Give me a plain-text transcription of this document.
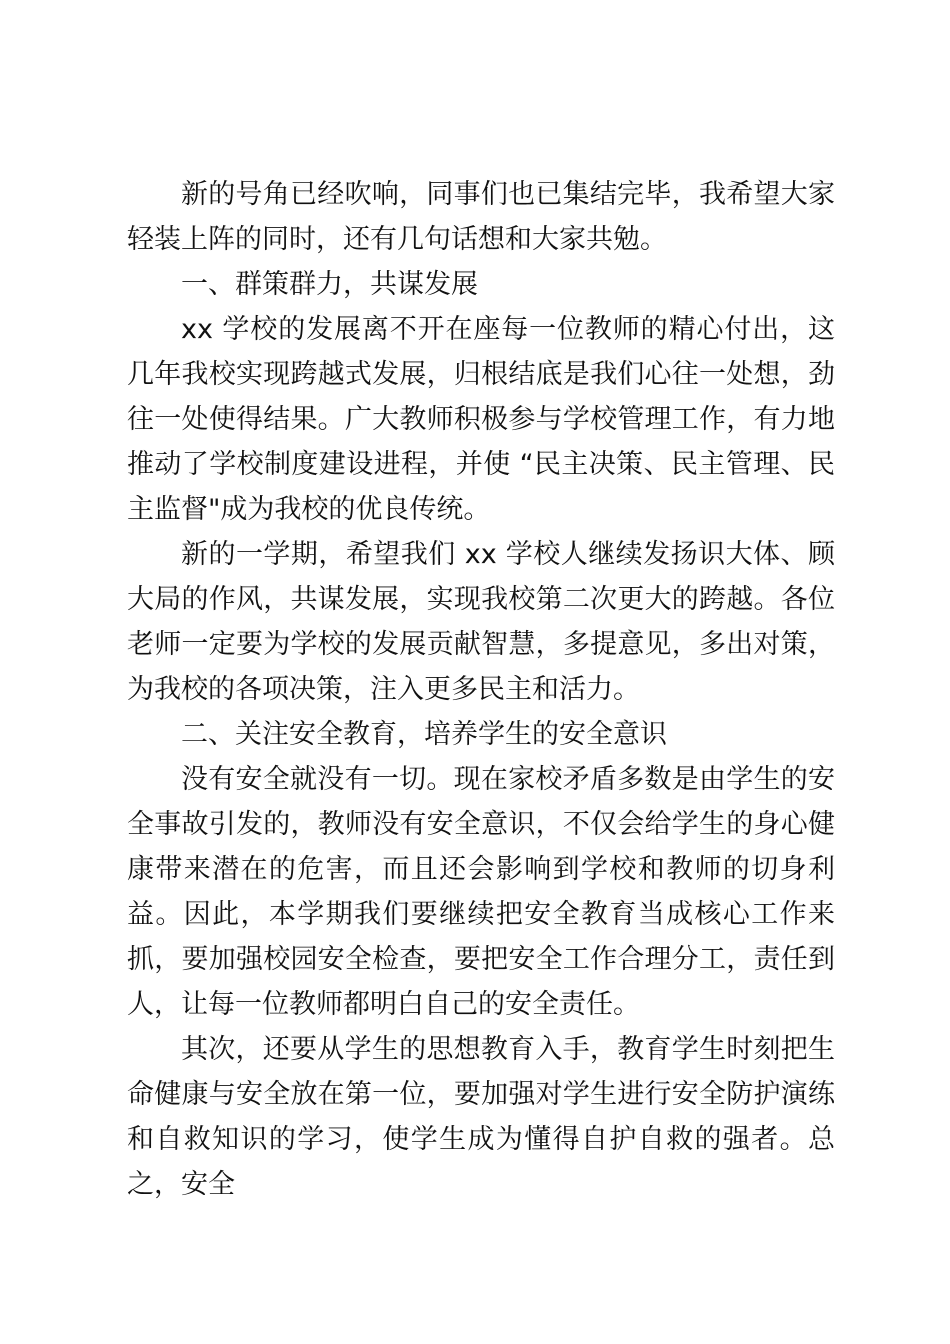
新的号角已经吹响，同事们也已集结完毕，我希望大家轻装上阵的同时，还有几句话想和大家共勉。

一、群策群力，共谋发展

xx 学校的发展离不开在座每一位教师的精心付出，这几年我校实现跨越式发展，归根结底是我们心往一处想，劲往一处使得结果。广大教师积极参与学校管理工作，有力地推动了学校制度建设进程，并使 “民主决策、民主管理、民主监督"成为我校的优良传统。

新的一学期，希望我们 xx 学校人继续发扬识大体、顾大局的作风，共谋发展，实现我校第二次更大的跨越。各位老师一定要为学校的发展贡献智慧，多提意见，多出对策，为我校的各项决策，注入更多民主和活力。

二、关注安全教育，培养学生的安全意识

没有安全就没有一切。现在家校矛盾多数是由学生的安全事故引发的，教师没有安全意识，不仅会给学生的身心健康带来潜在的危害，而且还会影响到学校和教师的切身利益。因此，本学期我们要继续把安全教育当成核心工作来抓，要加强校园安全检查，要把安全工作合理分工，责任到人，让每一位教师都明白自己的安全责任。

其次，还要从学生的思想教育入手，教育学生时刻把生命健康与安全放在第一位，要加强对学生进行安全防护演练和自救知识的学习，使学生成为懂得自护自救的强者。总之，安全
